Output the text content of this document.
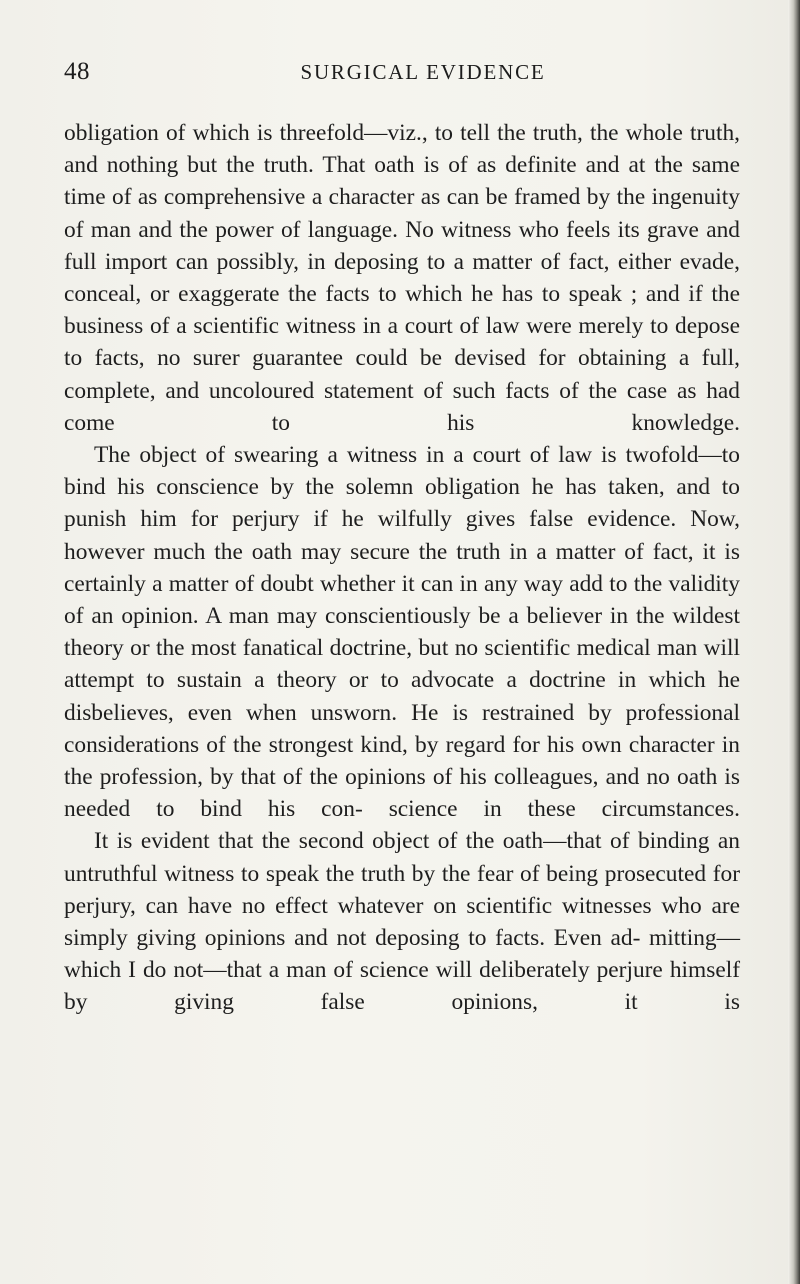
48	SURGICAL EVIDENCE

obligation of which is threefold—viz., to tell the truth, the whole truth, and nothing but the truth. That oath is of as definite and at the same time of as comprehensive a character as can be framed by the ingenuity of man and the power of language. No witness who feels its grave and full import can possibly, in deposing to a matter of fact, either evade, conceal, or exaggerate the facts to which he has to speak ; and if the business of a scientific witness in a court of law were merely to depose to facts, no surer guarantee could be devised for obtaining a full, complete, and uncoloured statement of such facts of the case as had come to his knowledge.

The object of swearing a witness in a court of law is twofold—to bind his conscience by the solemn obligation he has taken, and to punish him for perjury if he wilfully gives false evidence. Now, however much the oath may secure the truth in a matter of fact, it is certainly a matter of doubt whether it can in any way add to the validity of an opinion. A man may conscientiously be a believer in the wildest theory or the most fanatical doctrine, but no scientific medical man will attempt to sustain a theory or to advocate a doctrine in which he disbelieves, even when unsworn. He is restrained by professional considerations of the strongest kind, by regard for his own character in the profession, by that of the opinions of his colleagues, and no oath is needed to bind his con- science in these circumstances.

It is evident that the second object of the oath—that of binding an untruthful witness to speak the truth by the fear of being prosecuted for perjury, can have no effect whatever on scientific witnesses who are simply giving opinions and not deposing to facts. Even ad- mitting—which I do not—that a man of science will deliberately perjure himself by giving false opinions, it is
